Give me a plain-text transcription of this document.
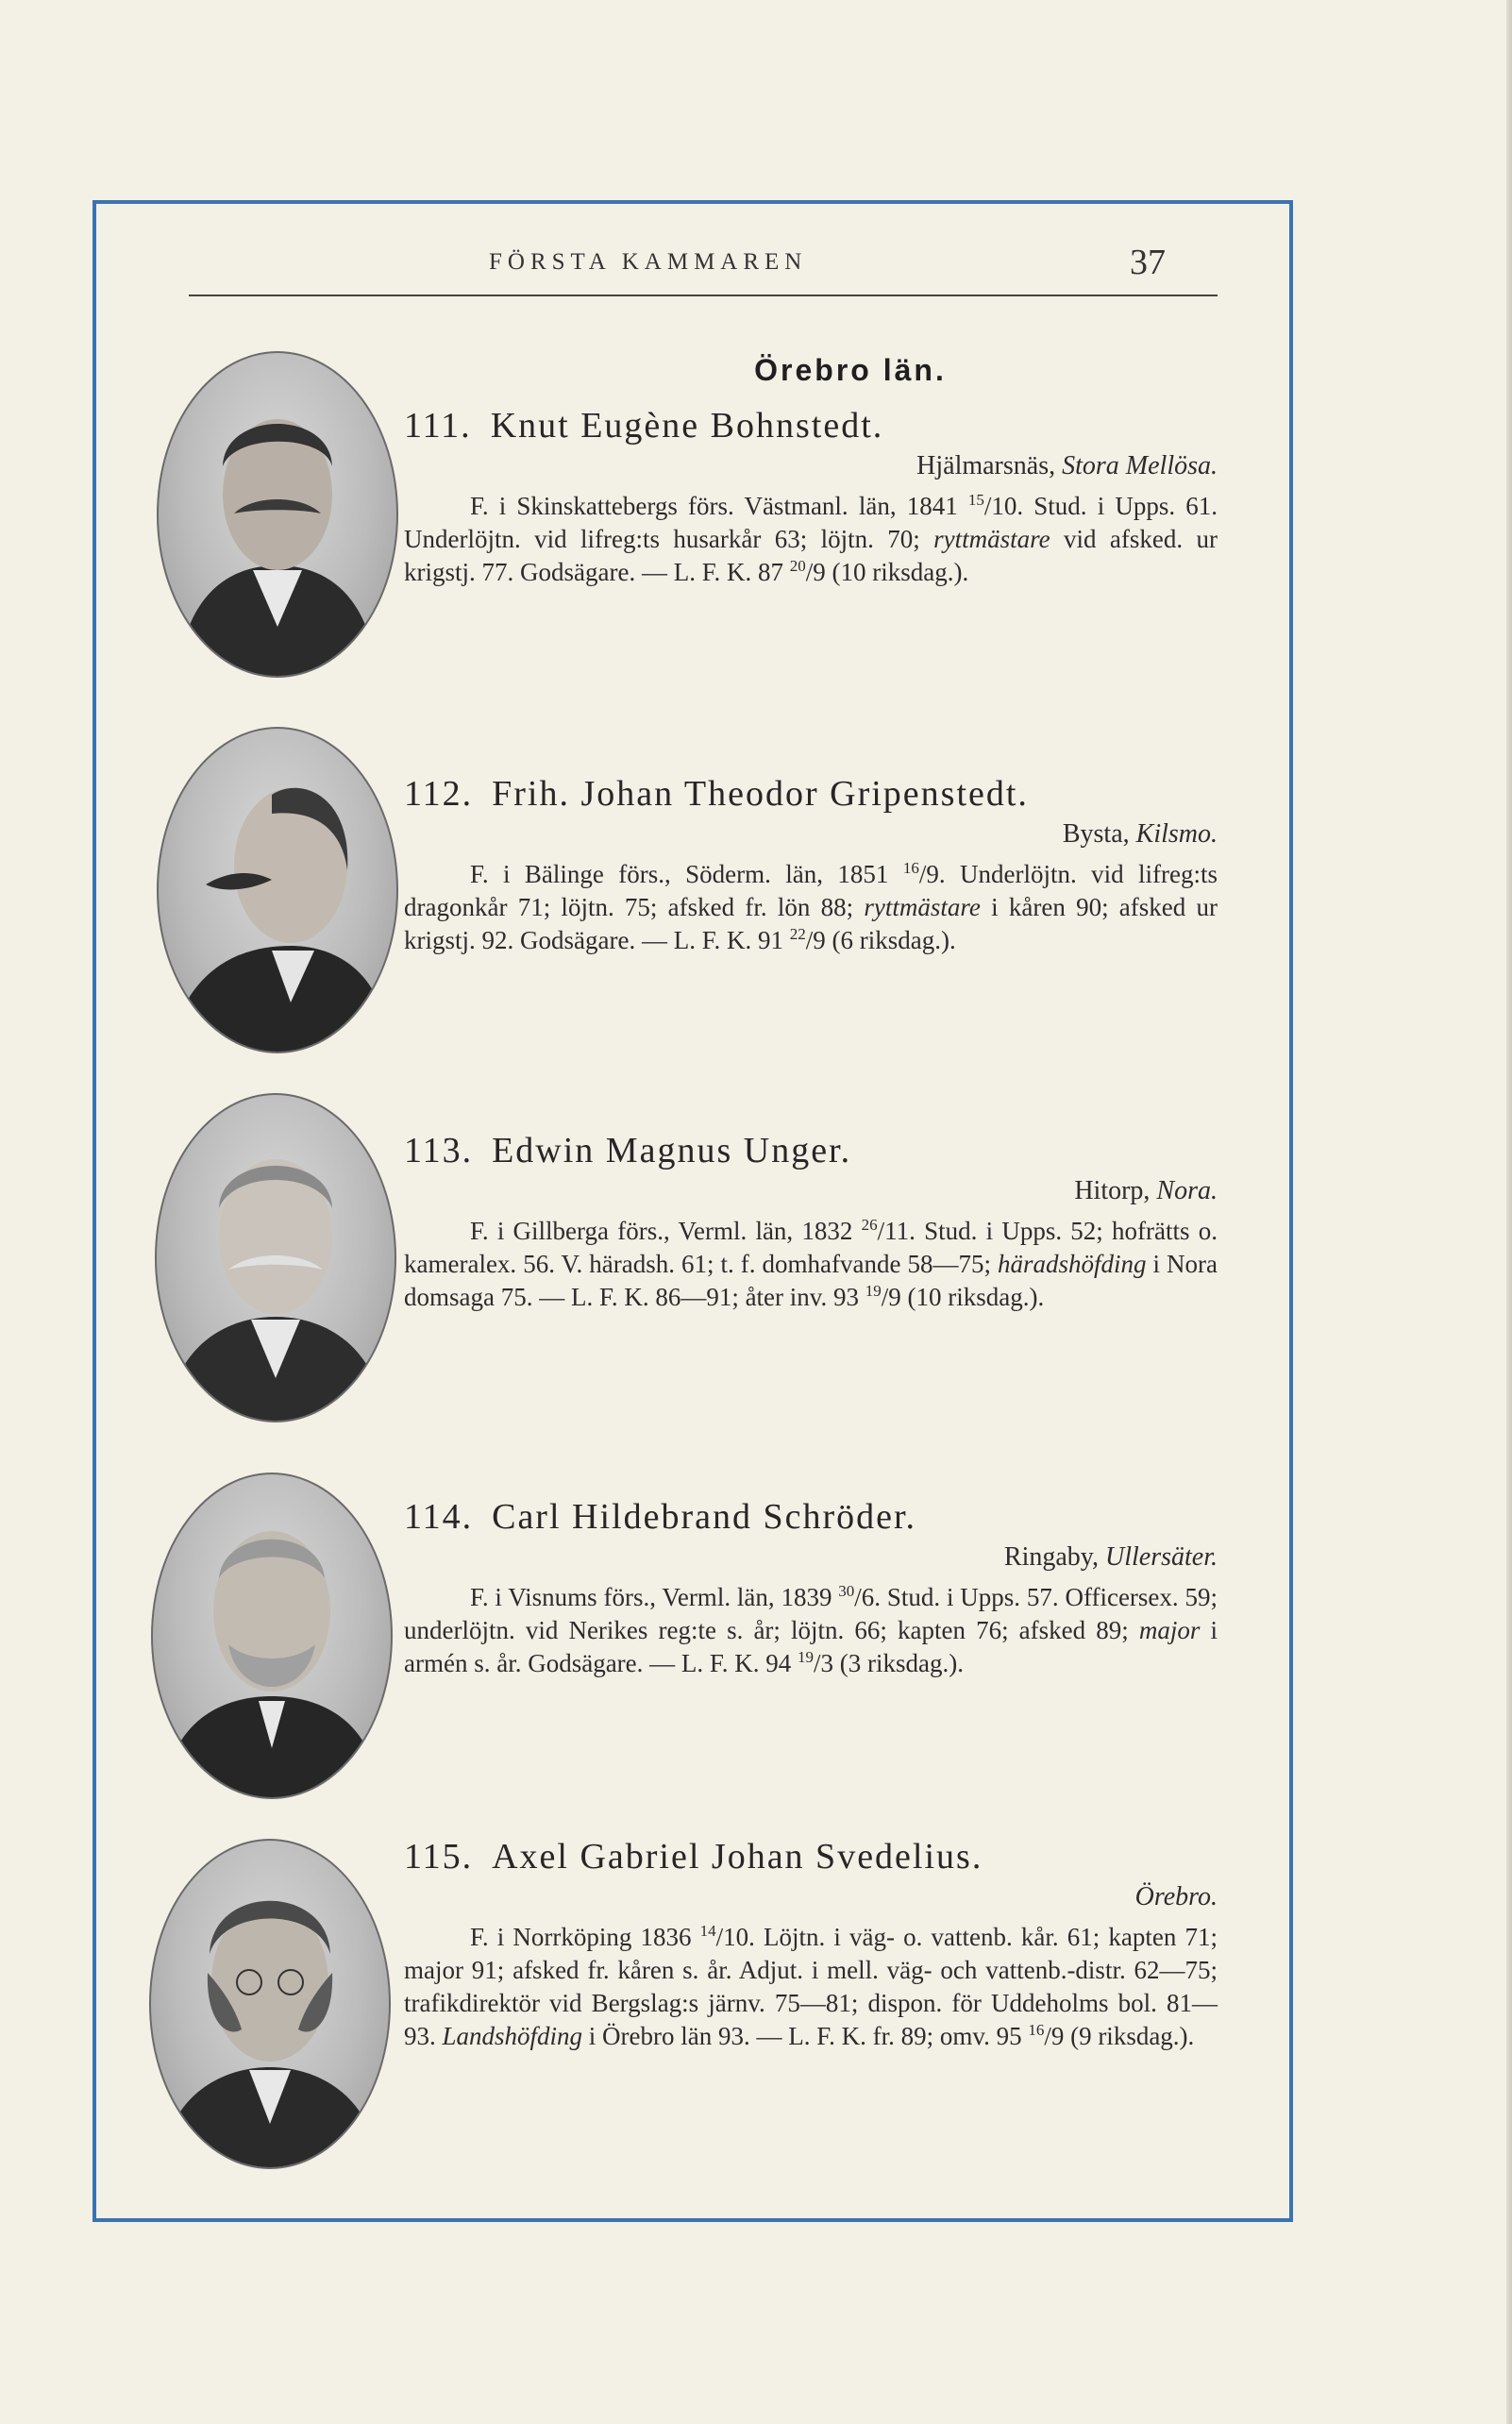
FÖRSTA KAMMAREN	37
Örebro län.
111. Knut Eugène Bohnstedt.
Hjälmarsnäs, Stora Mellösa.
F. i Skinskattebergs förs. Västmanl. län, 1841 $^{15}$/10. Stud. i Upps. 61. Underlöjtn. vid lifreg:ts husarkår 63; löjtn. 70; ryttmästare vid afsked. ur krigstj. 77. Godsägare. — L. F. K. 87 $^{20}$/9 (10 riksdag.).
112. Frih. Johan Theodor Gripenstedt.
Bysta, Kilsmo.
F. i Bälinge förs., Söderm. län, 1851 $^{16}$/9. Underlöjtn. vid lifreg:ts dragonkår 71; löjtn. 75; afsked fr. lön 88; ryttmästare i kåren 90; afsked ur krigstj. 92. Godsägare. — L. F. K. 91 $^{22}$/9 (6 riksdag.).
113. Edwin Magnus Unger.
Hitorp, Nora.
F. i Gillberga förs., Verml. län, 1832 $^{26}$/11. Stud. i Upps. 52; hofrätts o. kameralex. 56. V. häradsh. 61; t. f. domhafvande 58—75; häradshöfding i Nora domsaga 75. — L. F. K. 86—91; åter inv. 93 $^{19}$/9 (10 riksdag.).
114. Carl Hildebrand Schröder.
Ringaby, Ullersäter.
F. i Visnums förs., Verml. län, 1839 $^{30}$/6. Stud. i Upps. 57. Officersex. 59; underlöjtn. vid Nerikes reg:te s. år; löjtn. 66; kapten 76; afsked 89; major i armén s. år. Godsägare. — L. F. K. 94 $^{19}$/3 (3 riksdag.).
115. Axel Gabriel Johan Svedelius.
Örebro.
F. i Norrköping 1836 $^{14}$/10. Löjtn. i väg- o. vattenb. kår. 61; kapten 71; major 91; afsked fr. kåren s. år. Adjut. i mell. väg- och vattenb.-distr. 62—75; trafikdirektör vid Bergslag:s järnv. 75—81; dispon. för Uddeholms bol. 81—93. Landshöfding i Örebro län 93. — L. F. K. fr. 89; omv. 95 $^{16}$/9 (9 riksdag.).
